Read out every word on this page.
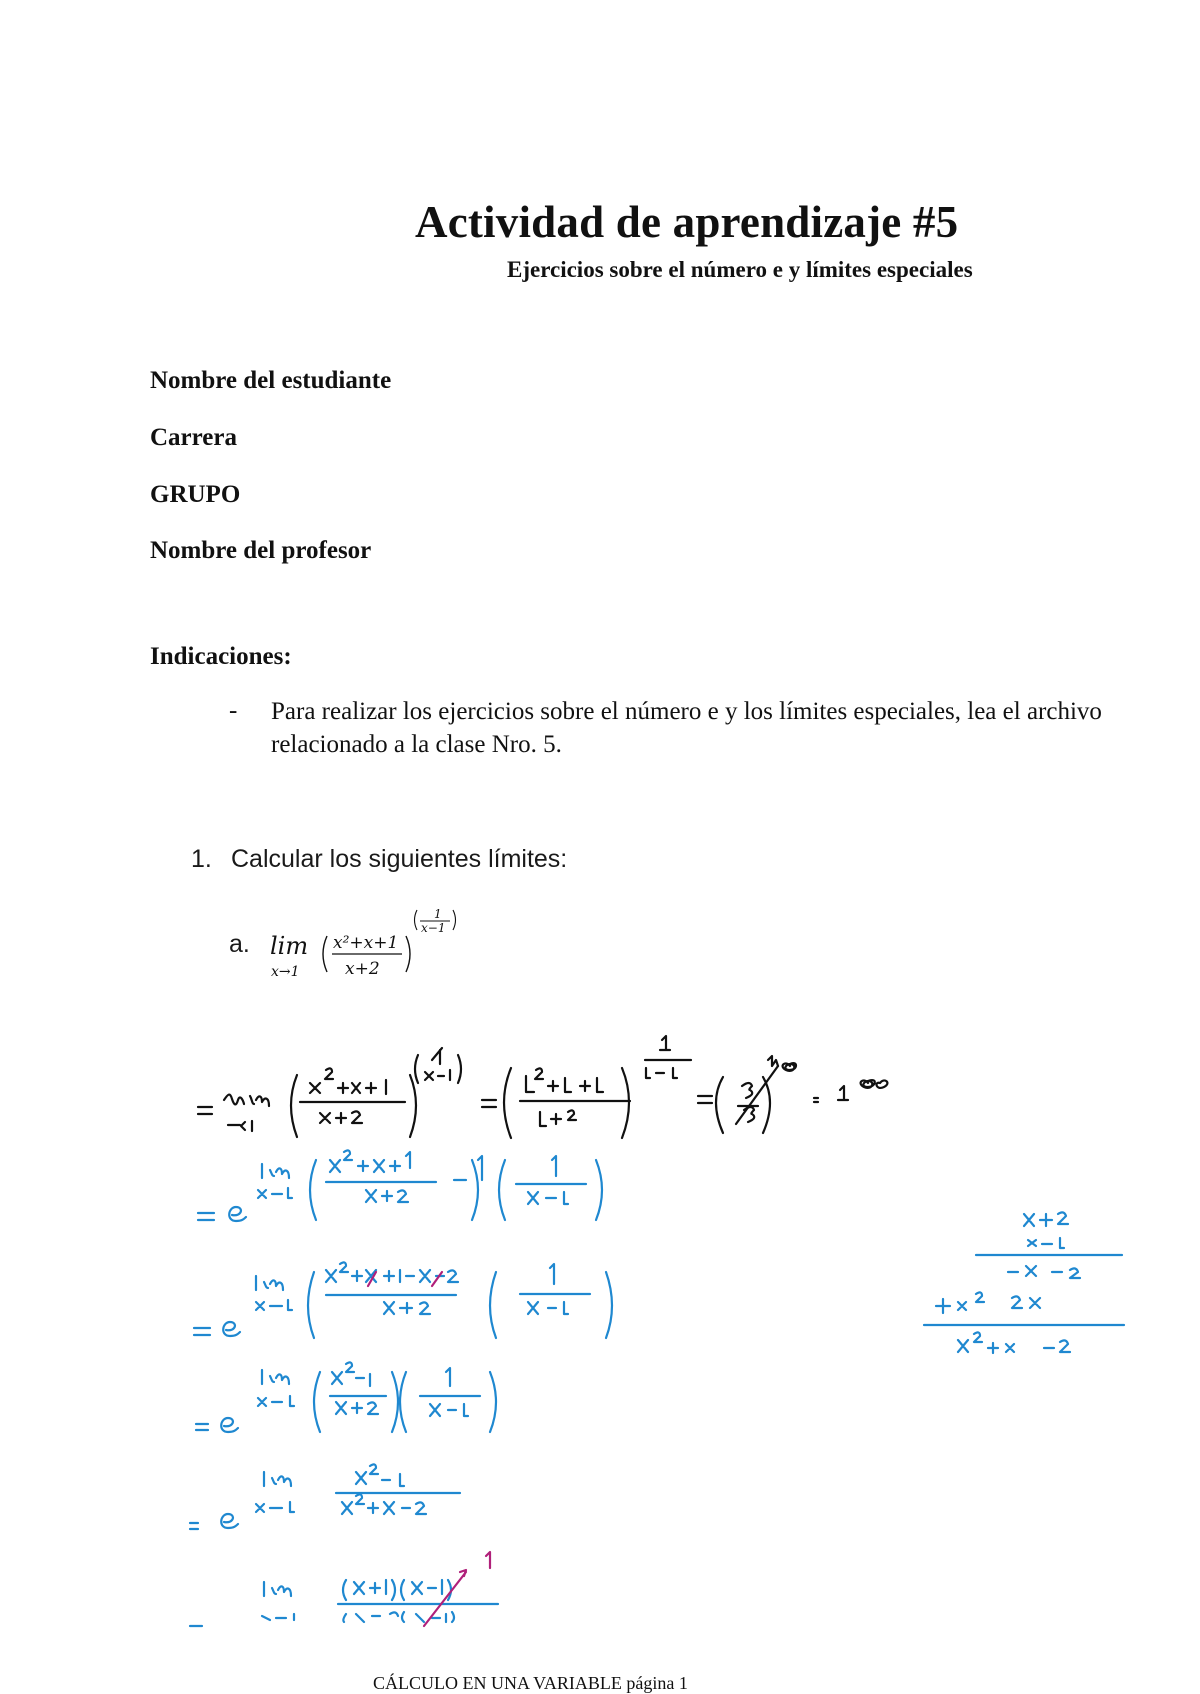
Actividad de aprendizaje #5
Ejercicios sobre el número e y límites especiales
Nombre del estudiante
Carrera
GRUPO
Nombre del profesor
Indicaciones:
- Para realizar los ejercicios sobre el número e y los límites especiales, lea el archivo relacionado a la clase Nro. 5.
1. Calcular los siguientes límites:
a. lim
x→1
x²+x+1
x+2
1
x−1
CÁLCULO EN UNA VARIABLE página 1
